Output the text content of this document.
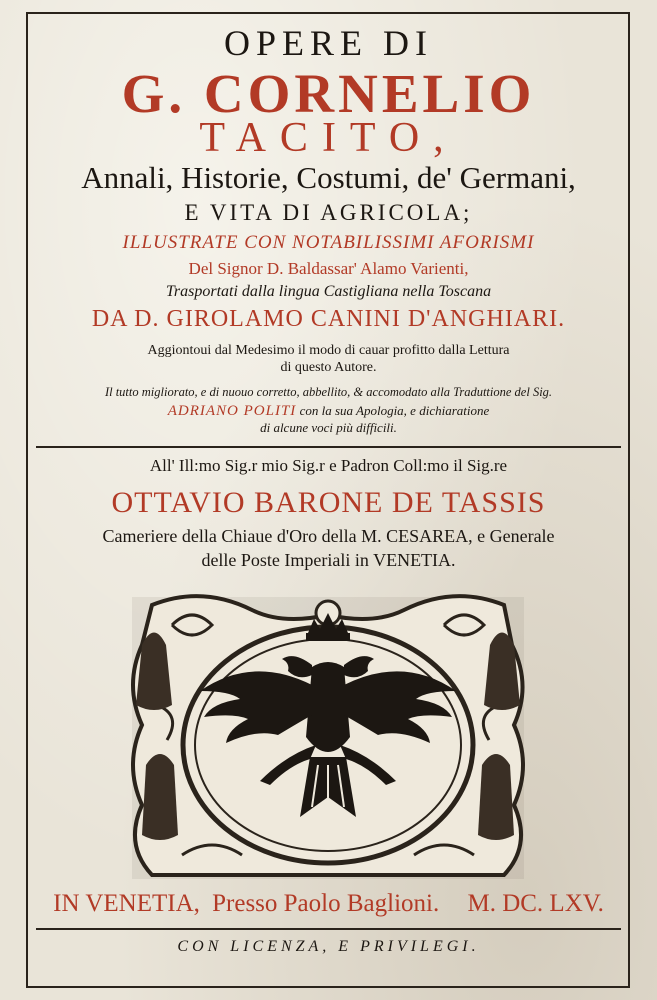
OPERE DI
G. CORNELIO
TACITO,
Annali, Historie, Costumi, de' Germani,
E VITA DI AGRICOLA;
ILLUSTRATE CON NOTABILISSIMI AFORISMI
Del Signor D. Baldassar' Alamo Varienti,
Trasportati dalla lingua Castigliana nella Toscana
DA D. GIROLAMO CANINI D'ANGHIARI.
Aggiontoui dal Medesimo il modo di cauar profitto dalla Lettura
di questo Autore.
Il tutto migliorato, e di nuouo corretto, abbellito, & accomodato alla Traduttione del Sig.
ADRIANO POLITI con la sua Apologia, e dichiaratione
di alcune voci più difficili.
All' Ill:mo Sig.r mio Sig.r e Padron Coll:mo il Sig.re
OTTAVIO BARONE DE TASSIS
Cameriere della Chiaue d'Oro della M. CESAREA, e Generale
delle Poste Imperiali in VENETIA.
IN VENETIA, Presso Paolo Baglioni. M. DC. LXV.
CON LICENZA, E PRIVILEGI.
